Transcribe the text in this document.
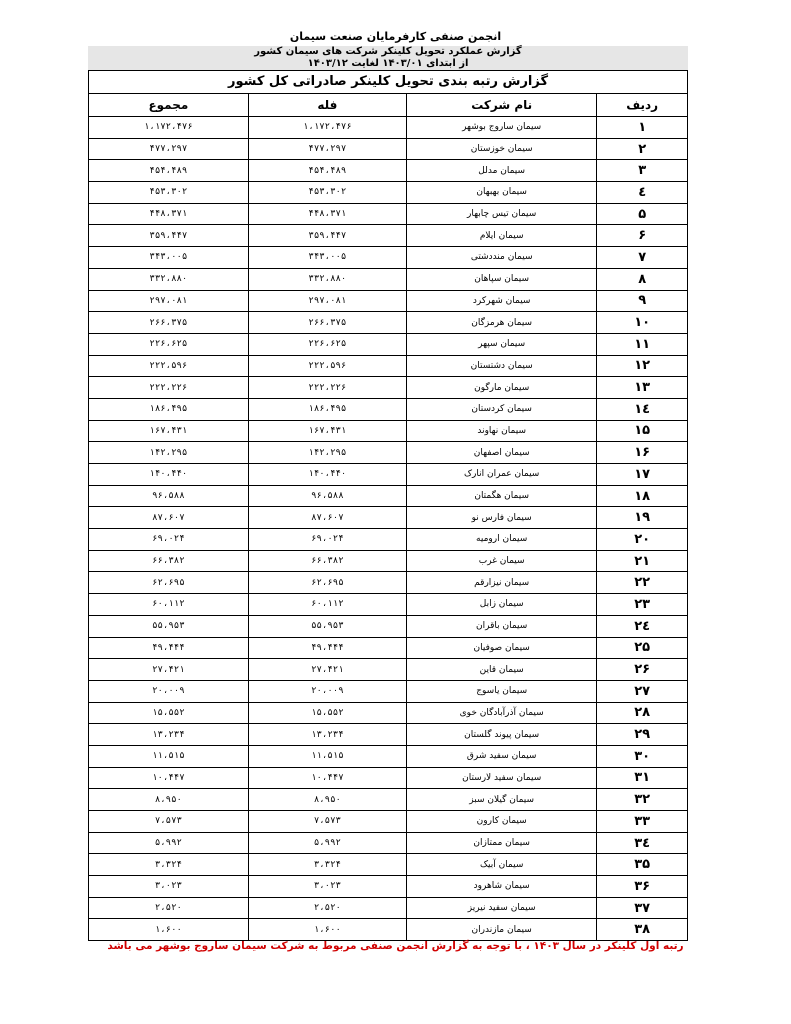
انجمن صنفی کارفرمایان صنعت سیمان
گزارش عملکرد تحویل کلینکر شرکت های سیمان کشور
از ابتدای ۱۴۰۳/۰۱ لغایت ۱۴۰۳/۱۲
گزارش رتبه بندی تحویل کلینکر صادراتی کل کشور
مجموع	فله	نام شرکت	ردیف
۱،۱۷۲،۴۷۶	۱،۱۷۲،۴۷۶	سیمان ساروج بوشهر	۱
۴۷۷،۲۹۷	۴۷۷،۲۹۷	سیمان خوزستان	۲
۴۵۴،۴۸۹	۴۵۴،۴۸۹	سیمان مدلل	۳
۴۵۳،۳۰۲	۴۵۳،۳۰۲	سیمان بهبهان	٤
۴۴۸،۳۷۱	۴۴۸،۳۷۱	سیمان تیس چابهار	۵
۳۵۹،۴۴۷	۳۵۹،۴۴۷	سیمان ایلام	۶
۳۴۳،۰۰۵	۳۴۳،۰۰۵	سیمان منددشتی	۷
۳۳۲،۸۸۰	۳۳۲،۸۸۰	سیمان سپاهان	۸
۲۹۷،۰۸۱	۲۹۷،۰۸۱	سیمان شهرکرد	۹
۲۶۶،۳۷۵	۲۶۶،۳۷۵	سیمان هرمزگان	۱۰
۲۲۶،۶۲۵	۲۲۶،۶۲۵	سیمان سپهر	۱۱
۲۲۲،۵۹۶	۲۲۲،۵۹۶	سیمان دشتستان	۱۲
۲۲۲،۲۲۶	۲۲۲،۲۲۶	سیمان مارگون	۱۳
۱۸۶،۴۹۵	۱۸۶،۴۹۵	سیمان کردستان	١٤
۱۶۷،۴۳۱	۱۶۷،۴۳۱	سیمان نهاوند	۱۵
۱۴۲،۲۹۵	۱۴۲،۲۹۵	سیمان اصفهان	۱۶
۱۴۰،۴۴۰	۱۴۰،۴۴۰	سیمان عمران انارک	۱۷
۹۶،۵۸۸	۹۶،۵۸۸	سیمان هگمتان	۱۸
۸۷،۶۰۷	۸۷،۶۰۷	سیمان فارس نو	۱۹
۶۹،۰۲۴	۶۹،۰۲۴	سیمان ارومیه	۲۰
۶۶،۳۸۲	۶۶،۳۸۲	سیمان غرب	۲۱
۶۲،۶۹۵	۶۲،۶۹۵	سیمان نیزارقم	۲۲
۶۰،۱۱۲	۶۰،۱۱۲	سیمان زابل	۲۳
۵۵،۹۵۳	۵۵،۹۵۳	سیمان باقران	٢٤
۴۹،۴۴۴	۴۹،۴۴۴	سیمان صوفیان	۲۵
۲۷،۴۲۱	۲۷،۴۲۱	سیمان قاین	۲۶
۲۰،۰۰۹	۲۰،۰۰۹	سیمان یاسوج	۲۷
۱۵،۵۵۲	۱۵،۵۵۲	سیمان آذرآبادگان خوی	۲۸
۱۳،۲۳۴	۱۳،۲۳۴	سیمان پیوند گلستان	۲۹
۱۱،۵۱۵	۱۱،۵۱۵	سیمان سفید شرق	۳۰
۱۰،۴۴۷	۱۰،۴۴۷	سیمان سفید لارستان	۳۱
۸،۹۵۰	۸،۹۵۰	سیمان گیلان سبز	۳۲
۷،۵۷۳	۷،۵۷۳	سیمان کارون	۳۳
۵،۹۹۲	۵،۹۹۲	سیمان ممتازان	٣٤
۳،۳۲۴	۳،۳۲۴	سیمان آبیک	۳۵
۳،۰۲۳	۳،۰۲۳	سیمان شاهرود	۳۶
۲،۵۲۰	۲،۵۲۰	سیمان سفید نیریز	۳۷
۱،۶۰۰	۱،۶۰۰	سیمان مازندران	۳۸
رتبه اول کلینکر در سال ۱۴۰۳ ، با توجه به گزارش انجمن صنفی مربوط به شرکت سیمان ساروج بوشهر می باشد
